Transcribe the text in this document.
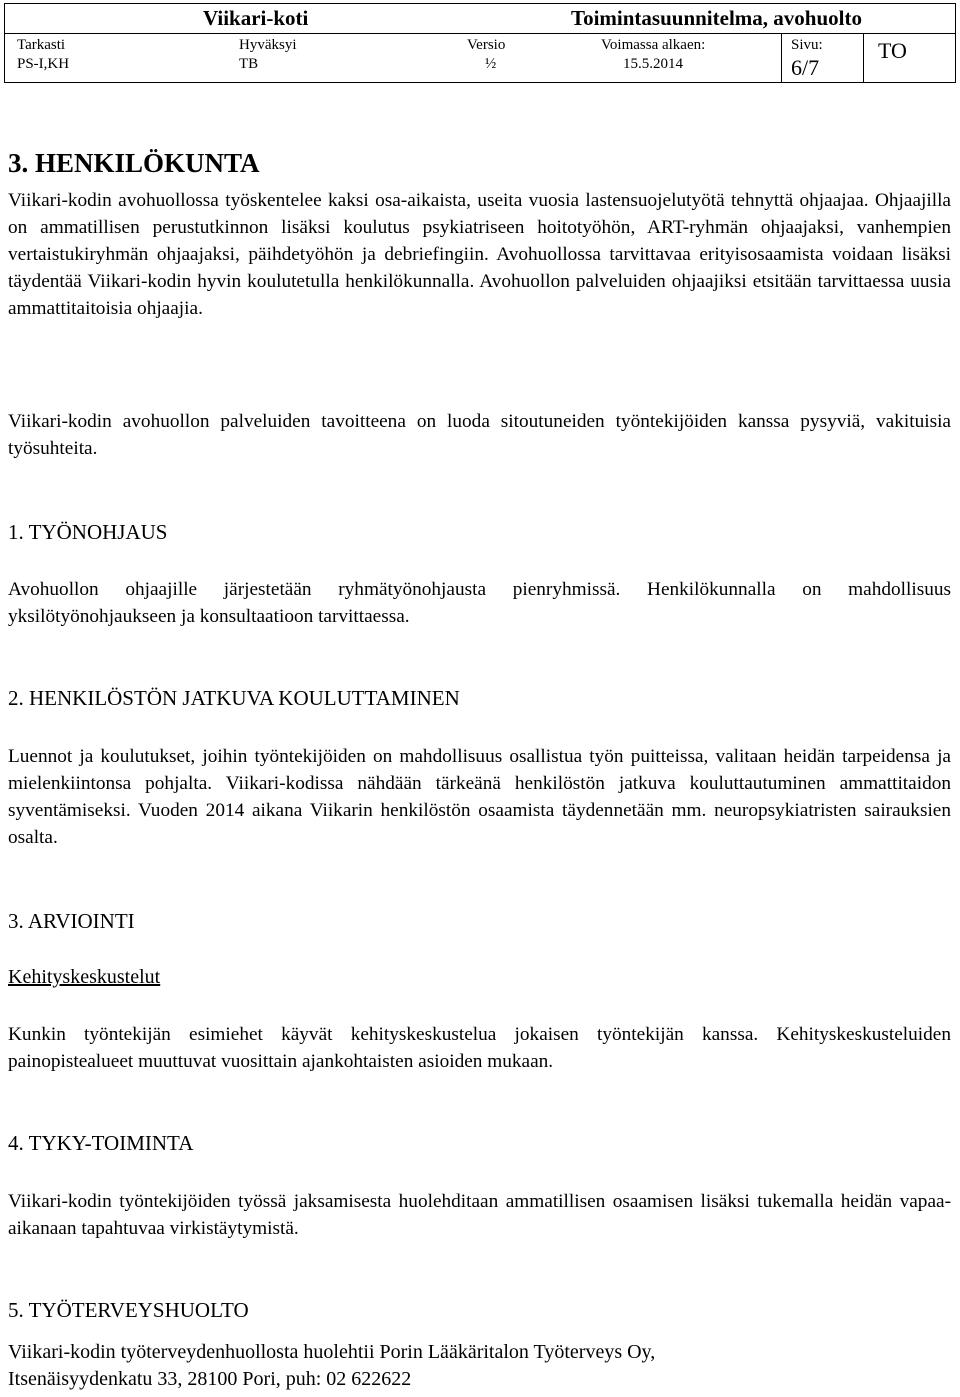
Viikari-koti	Toimintasuunnitelma, avohuolto
Tarkasti
PS-I,KH
Hyväksyi
TB
Versio
½
Voimassa alkaen:
15.5.2014
Sivu:
6/7
TO
3. HENKILÖKUNTA

Viikari-kodin avohuollossa työskentelee kaksi osa-aikaista, useita vuosia lastensuojelutyötä tehnyttä ohjaajaa. Ohjaajilla on ammatillisen perustutkinnon lisäksi koulutus psykiatriseen hoitotyöhön, ART-ryhmän ohjaajaksi, vanhempien vertaistukiryhmän ohjaajaksi, päihdetyöhön ja debriefingiin. Avohuollossa tarvittavaa erityisosaamista voidaan lisäksi täydentää Viikari-kodin hyvin koulutetulla henkilökunnalla. Avohuollon palveluiden ohjaajiksi etsitään tarvittaessa uusia ammattitaitoisia ohjaajia.

Viikari-kodin avohuollon palveluiden tavoitteena on luoda sitoutuneiden työntekijöiden kanssa pysyviä, vakituisia työsuhteita.

1. TYÖNOHJAUS

Avohuollon ohjaajille järjestetään ryhmätyönohjausta pienryhmissä. Henkilökunnalla on mahdollisuus yksilötyönohjaukseen ja konsultaatioon tarvittaessa.

2. HENKILÖSTÖN JATKUVA KOULUTTAMINEN

Luennot ja koulutukset, joihin työntekijöiden on mahdollisuus osallistua työn puitteissa, valitaan heidän tarpeidensa ja mielenkiintonsa pohjalta. Viikari-kodissa nähdään tärkeänä henkilöstön jatkuva kouluttautuminen ammattitaidon syventämiseksi. Vuoden 2014 aikana Viikarin henkilöstön osaamista täydennetään mm. neuropsykiatristen sairauksien osalta.

3. ARVIOINTI
Kehityskeskustelut

Kunkin työntekijän esimiehet käyvät kehityskeskustelua jokaisen työntekijän kanssa. Kehityskeskusteluiden painopistealueet muuttuvat vuosittain ajankohtaisten asioiden mukaan.

4. TYKY-TOIMINTA

Viikari-kodin työntekijöiden työssä jaksamisesta huolehditaan ammatillisen osaamisen lisäksi tukemalla heidän vapaa-aikanaan tapahtuvaa virkistäytymistä.

5. TYÖTERVEYSHUOLTO

Viikari-kodin työterveydenhuollosta huolehtii Porin Lääkäritalon Työterveys Oy,

Itsenäisyydenkatu 33, 28100 Pori, puh: 02 622622
